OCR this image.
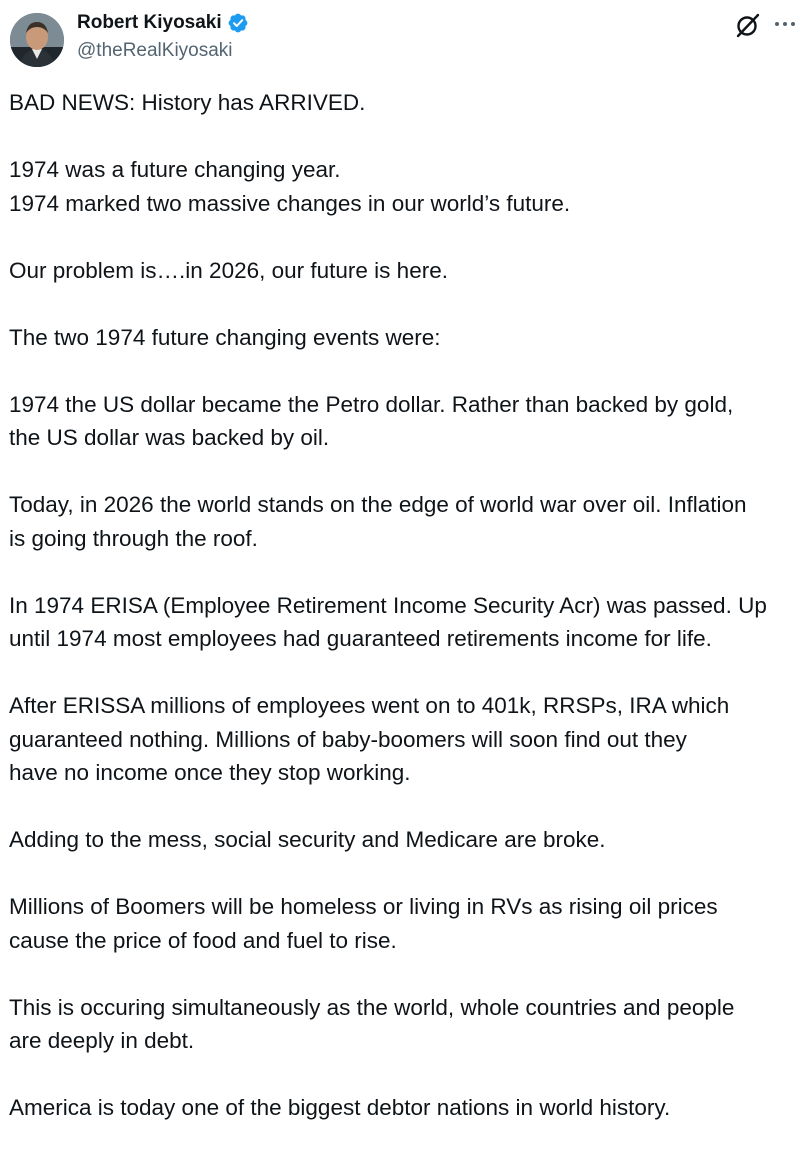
Robert Kiyosaki
@theRealKiyosaki

BAD NEWS: History has ARRIVED.

1974 was a future changing year.
1974 marked two massive changes in our world’s future.

Our problem is….in 2026, our future is here.

The two 1974 future changing events were:

1974 the US dollar became the Petro dollar. Rather than backed by gold,
the US dollar was backed by oil.

Today, in 2026 the world stands on the edge of world war over oil. Inflation
is going through the roof.

In 1974 ERISA (Employee Retirement Income Security Acr) was passed. Up
until 1974 most employees had guaranteed retirements income for life.

After ERISSA millions of employees went on to 401k, RRSPs, IRA which
guaranteed nothing. Millions of baby-boomers will soon find out they
have no income once they stop working.

Adding to the mess, social security and Medicare are broke.

Millions of Boomers will be homeless or living in RVs as rising oil prices
cause the price of food and fuel to rise.

This is occuring simultaneously as the world, whole countries and people
are deeply in debt.

America is today one of the biggest debtor nations in world history.
